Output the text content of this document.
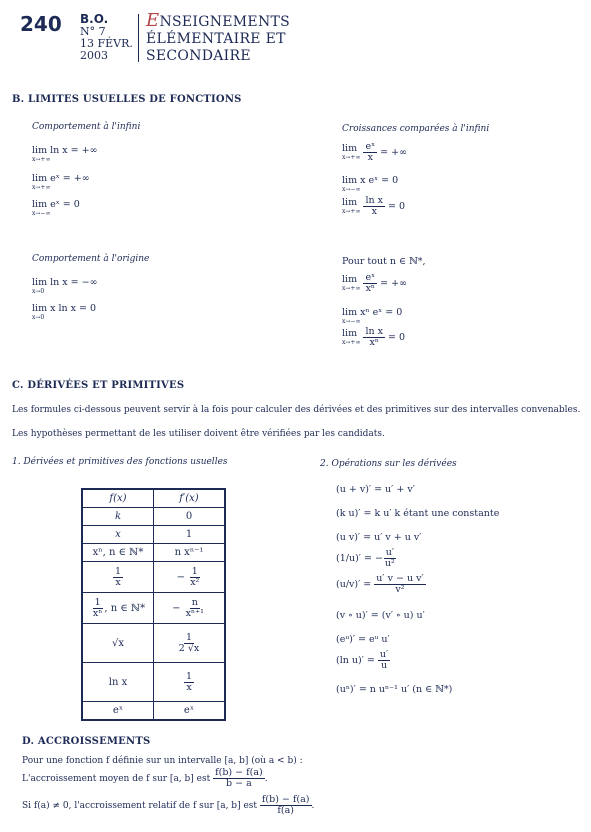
240 B.O.
N° 7
13 FÉVR.
2003
ENSEIGNEMENTS
ÉLÉMENTAIRE ET
SECONDAIRE
B. LIMITES USUELLES DE FONCTIONS
Comportement à l'infini
lim ln x = +∞
x→+∞
lim eˣ = +∞
x→+∞
lim eˣ = 0
x→−∞
Comportement à l'origine
lim ln x = −∞
x→0
lim x ln x = 0
x→0
Croissances comparées à l'infini
lim
x→+∞
$\frac{\text{eˣ}}{x}$ = +∞
lim x eˣ = 0
x→−∞
lim
x→+∞
$\frac{\text{ln x}}{x} = 0$
Pour tout n ∈ ℕ*,
lim
x→+∞
$\frac{\text{eˣ}}{\text{xⁿ}}$ = +∞
lim xⁿ eˣ = 0
x→−∞
lim
x→+∞
$\frac{\text{ln x}}{\text{xⁿ}} = 0$
C. DÉRIVÉES ET PRIMITIVES
Les formules ci-dessous peuvent servir à la fois pour calculer des dérivées et des primitives sur des intervalles convenables.
Les hypothèses permettant de les utiliser doivent être vérifiées par les candidats.
1. Dérivées et primitives des fonctions usuelles	2. Opérations sur les dérivées
f(x)	f′(x)
k	0
x	1
xⁿ, n ∈ ℕ*	n xⁿ⁻¹

$\frac{1}{x}$	− $\frac{1}{\text{x²}}$

$\frac{1}{\text{xⁿ}}$ , n ∈ ℕ*	− $\frac{n}{\text{xⁿ⁺¹}}$

√x	$\frac{1}{2 √x}$

ln x	$\frac{1}{x}$

eˣ	eˣ
(u + v)′ = u′ + v′
(k u)′ = k u′ k étant une constante
(u v)′ = u′ v + u v′
(1/u)′ = − $\frac{u'}{\text{u²}}$
$(u/v)' = \frac{\text{u′ v − u v′}}{\text{v²}}$
(v ∘ u)′ = (v′ ∘ u) u′
(eᵘ)′ = eᵘ u′
(ln $u)' = \frac{u'}{u}$
(uⁿ)′ = n uⁿ⁻¹ u′ (n ∈ ℕ*)
D. ACCROISSEMENTS
Pour une fonction f définie sur un intervalle [a, b] (où a < b) :
L'accroissement moyen de f sur [a, b] est $\frac{f(b) - f(a)}{b - a}$ .
Si f(a) ≠ 0, l'accroissement relatif de f sur [a, b] est $\frac{f(b) - f(a)}{f(a)}$ .
